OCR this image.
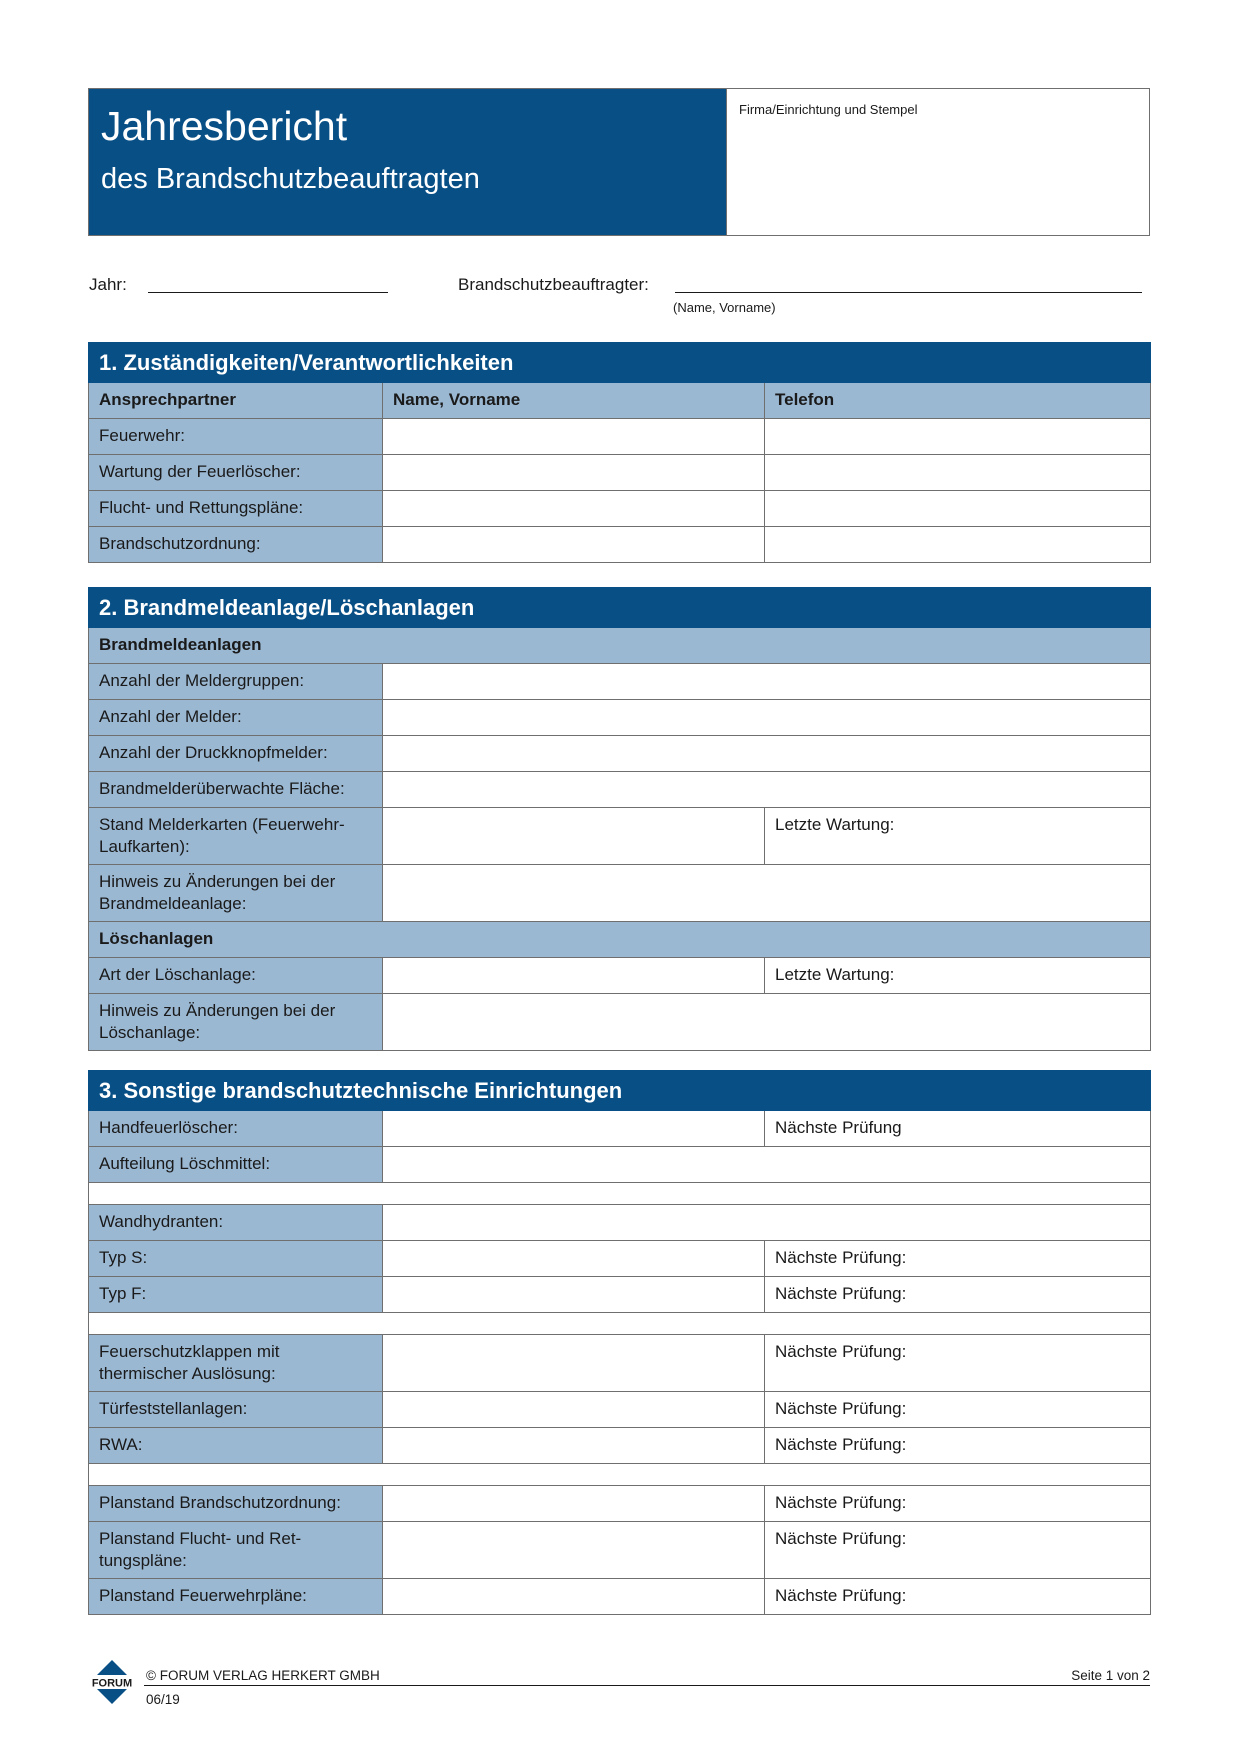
Jahresbericht
des Brandschutzbeauftragten
Firma/Einrichtung und Stempel
Jahr:	Brandschutzbeauftragter:
(Name, Vorname)
1. Zuständigkeiten/Verantwortlichkeiten		
Ansprechpartner	Name, Vorname	Telefon
Feuerwehr:		
Wartung der Feuerlöscher:		
Flucht- und Rettungspläne:		
Brandschutzordnung:		
2. Brandmeldeanlage/Löschanlagen		
Brandmeldeanlagen		
Anzahl der Meldergruppen:		
Anzahl der Melder:		
Anzahl der Druckknopfmelder:		
Brandmelderüberwachte Fläche:		
Stand Melderkarten (Feuerwehr-Laufkarten):		Letzte Wartung:
Hinweis zu Änderungen bei der Brandmeldeanlage:		
Löschanlagen		
Art der Löschanlage:		Letzte Wartung:
Hinweis zu Änderungen bei der Löschanlage:		
3. Sonstige brandschutztechnische Einrichtungen		
Handfeuerlöscher:		Nächste Prüfung
Aufteilung Löschmittel:		

Wandhydranten:		
Typ S:		Nächste Prüfung:
Typ F:		Nächste Prüfung:

Feuerschutzklappen mit thermischer Auslösung:		Nächste Prüfung:
Türfeststellanlagen:		Nächste Prüfung:
RWA:		Nächste Prüfung:

Planstand Brandschutzordnung:		Nächste Prüfung:
Planstand Flucht- und Ret-tungspläne:		Nächste Prüfung:
Planstand Feuerwehrpläne:		Nächste Prüfung:
FORUM
© FORUM VERLAG HERKERT GMBH
06/19
Seite 1 von 2
